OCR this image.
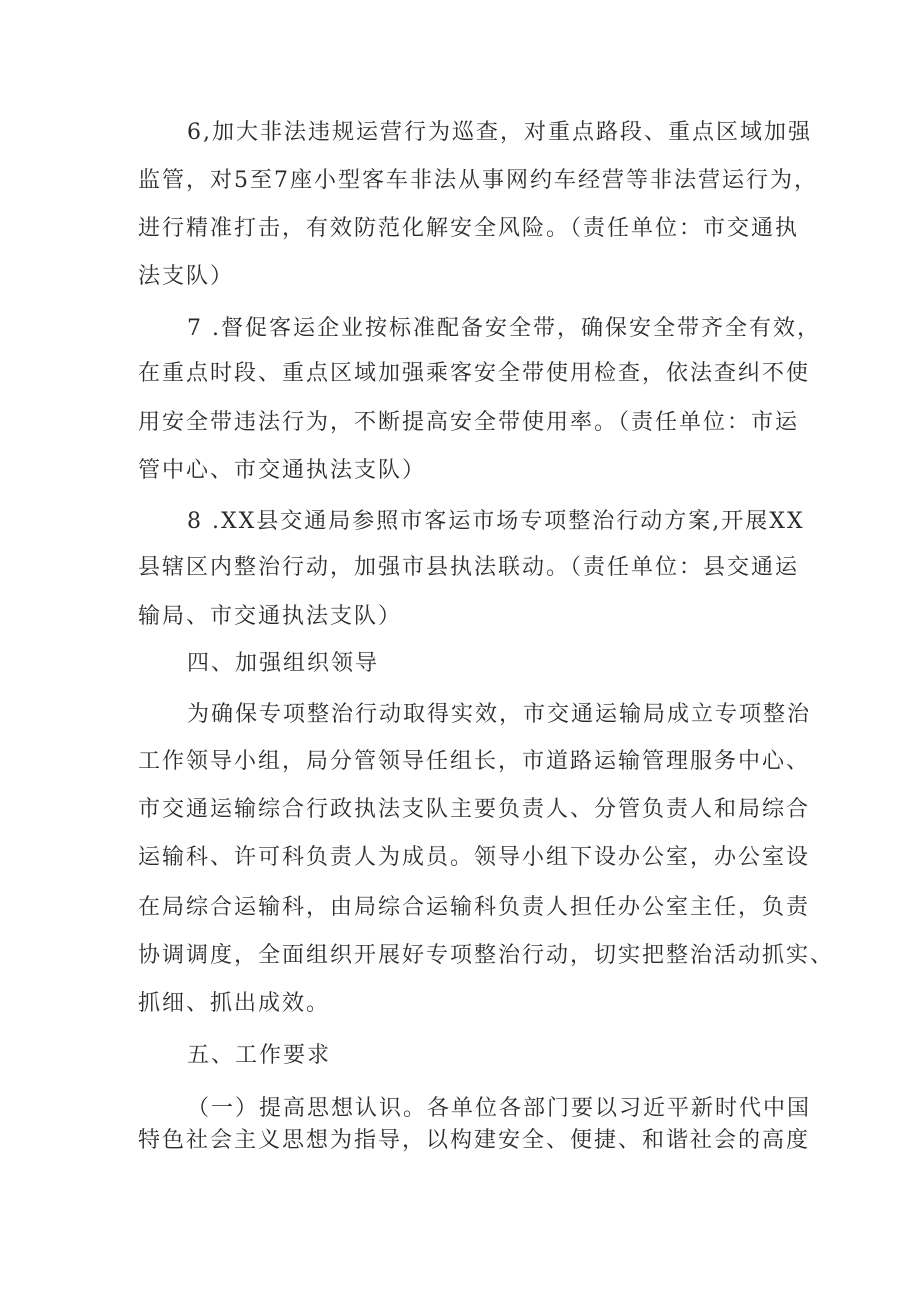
6,加大非法违规运营行为巡查，对重点路段、重点区域加强
监管，对5至7座小型客车非法从事网约车经营等非法营运行为，
进行精准打击，有效防范化解安全风险。（责任单位：市交通执
法支队）
7 .督促客运企业按标准配备安全带，确保安全带齐全有效，
在重点时段、重点区域加强乘客安全带使用检查，依法查纠不使
用安全带违法行为，不断提高安全带使用率。（责任单位：市运
管中心、市交通执法支队）
8 .XX县交通局参照市客运市场专项整治行动方案,开展XX
县辖区内整治行动，加强市县执法联动。（责任单位：县交通运
输局、市交通执法支队）
四、加强组织领导
为确保专项整治行动取得实效，市交通运输局成立专项整治
工作领导小组，局分管领导任组长，市道路运输管理服务中心、
市交通运输综合行政执法支队主要负责人、分管负责人和局综合
运输科、许可科负责人为成员。领导小组下设办公室，办公室设
在局综合运输科，由局综合运输科负责人担任办公室主任，负责
协调调度，全面组织开展好专项整治行动，切实把整治活动抓实、
抓细、抓出成效。
五、工作要求
（一）提高思想认识。各单位各部门要以习近平新时代中国
特色社会主义思想为指导，以构建安全、便捷、和谐社会的高度
